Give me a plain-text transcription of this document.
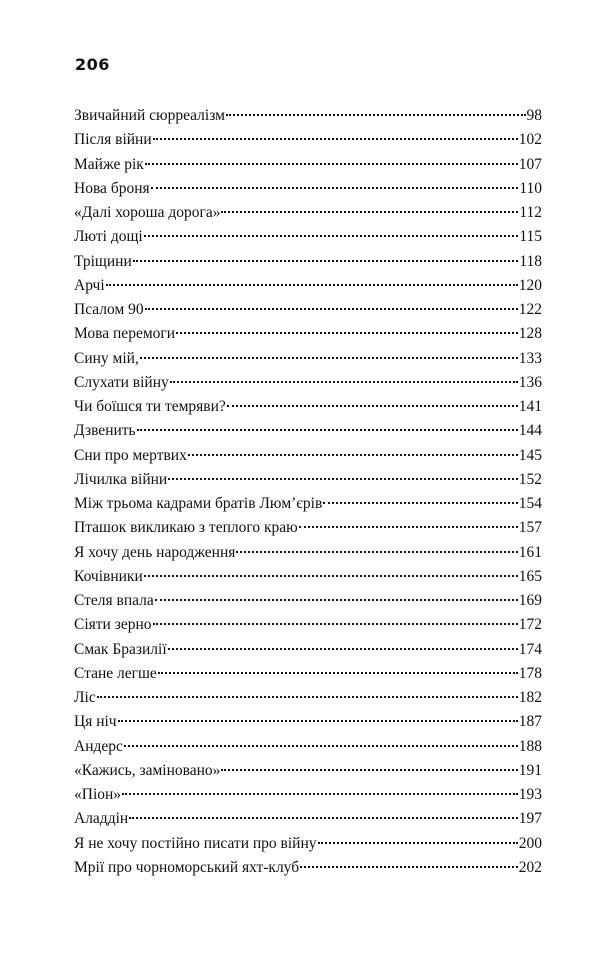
206
Звичайний сюрреалізм	98
Після війни	102
Майже рік	107
Нова броня	110
«Далі хороша дорога»	112
Люті дощі	115
Тріщини	118
Арчі	120
Псалом 90	122
Мова перемоги	128
Сину мій,	133
Слухати війну	136
Чи боїшся ти темряви?	141
Дзвенить	144
Сни про мертвих	145
Лічилка війни	152
Між трьома кадрами братів Люм’єрів	154
Пташок викликаю з теплого краю	157
Я хочу день народження	161
Кочівники	165
Стеля впала	169
Сіяти зерно	172
Смак Бразилії	174
Стане легше	178
Ліс	182
Ця ніч	187
Андерс	188
«Кажись, заміновано»	191
«Піон»	193
Аладдін	197
Я не хочу постійно писати про війну	200
Мрії про чорноморський яхт-клуб	202
